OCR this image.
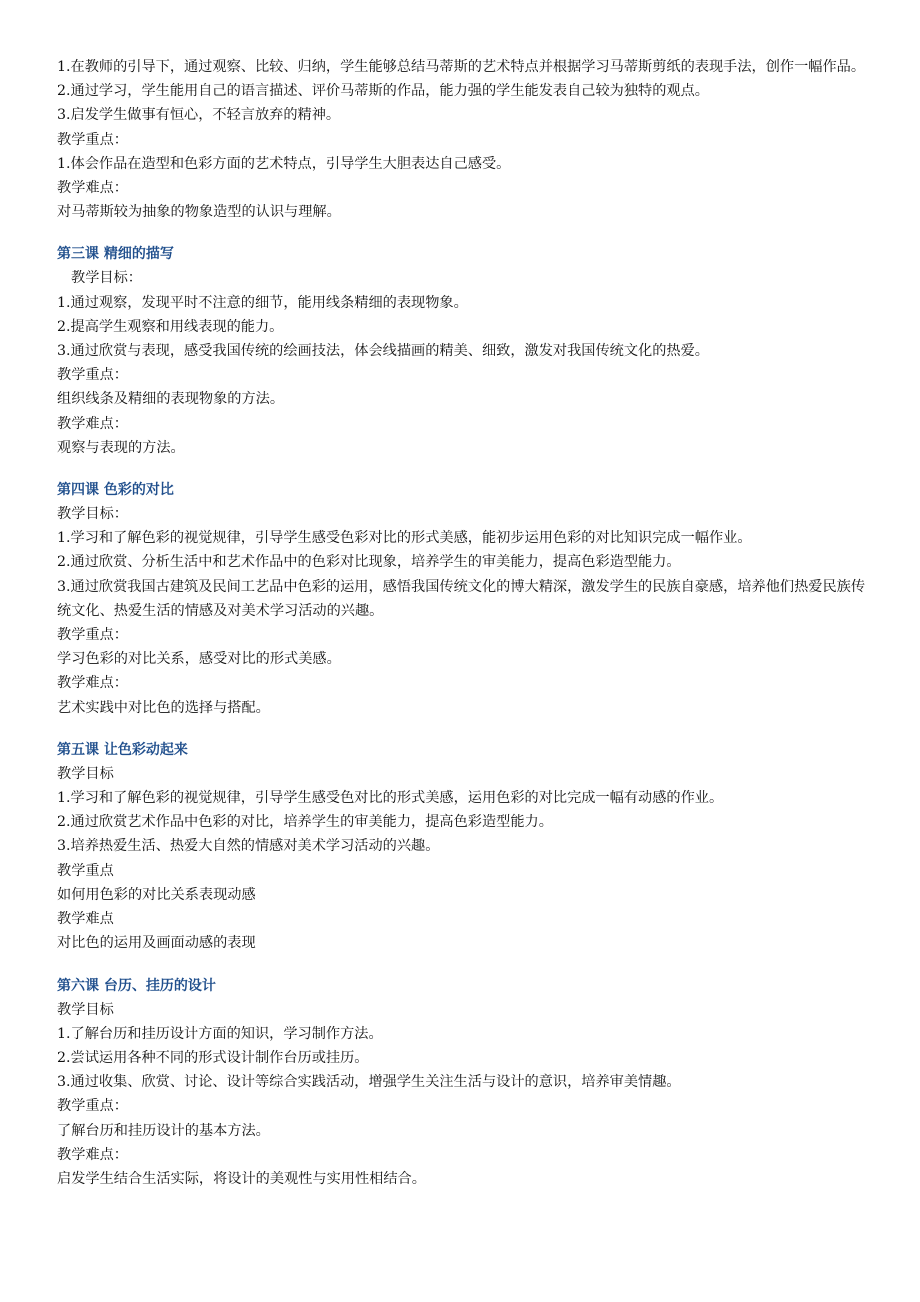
1.在教师的引导下，通过观察、比较、归纳，学生能够总结马蒂斯的艺术特点并根据学习马蒂斯剪纸的表现手法，创作一幅作品。

2.通过学习，学生能用自己的语言描述、评价马蒂斯的作品，能力强的学生能发表自己较为独特的观点。

3.启发学生做事有恒心，不轻言放弃的精神。

教学重点：

1.体会作品在造型和色彩方面的艺术特点，引导学生大胆表达自己感受。

教学难点：

对马蒂斯较为抽象的物象造型的认识与理解。

第三课 精细的描写

教学目标：

1.通过观察，发现平时不注意的细节，能用线条精细的表现物象。

2.提高学生观察和用线表现的能力。

3.通过欣赏与表现，感受我国传统的绘画技法，体会线描画的精美、细致，激发对我国传统文化的热爱。

教学重点：

组织线条及精细的表现物象的方法。

教学难点：

观察与表现的方法。

第四课 色彩的对比

教学目标：

1.学习和了解色彩的视觉规律，引导学生感受色彩对比的形式美感，能初步运用色彩的对比知识完成一幅作业。

2.通过欣赏、分析生活中和艺术作品中的色彩对比现象，培养学生的审美能力，提高色彩造型能力。

3.通过欣赏我国古建筑及民间工艺品中色彩的运用，感悟我国传统文化的博大精深，激发学生的民族自豪感，培养他们热爱民族传统文化、热爱生活的情感及对美术学习活动的兴趣。

教学重点：

学习色彩的对比关系，感受对比的形式美感。

教学难点：

艺术实践中对比色的选择与搭配。

第五课 让色彩动起来

教学目标

1.学习和了解色彩的视觉规律，引导学生感受色对比的形式美感，运用色彩的对比完成一幅有动感的作业。

2.通过欣赏艺术作品中色彩的对比，培养学生的审美能力，提高色彩造型能力。

3.培养热爱生活、热爱大自然的情感对美术学习活动的兴趣。

教学重点

如何用色彩的对比关系表现动感

教学难点

对比色的运用及画面动感的表现

第六课 台历、挂历的设计

教学目标

1.了解台历和挂历设计方面的知识，学习制作方法。

2.尝试运用各种不同的形式设计制作台历或挂历。

3.通过收集、欣赏、讨论、设计等综合实践活动，增强学生关注生活与设计的意识，培养审美情趣。

教学重点：

了解台历和挂历设计的基本方法。

教学难点：

启发学生结合生活实际，将设计的美观性与实用性相结合。
